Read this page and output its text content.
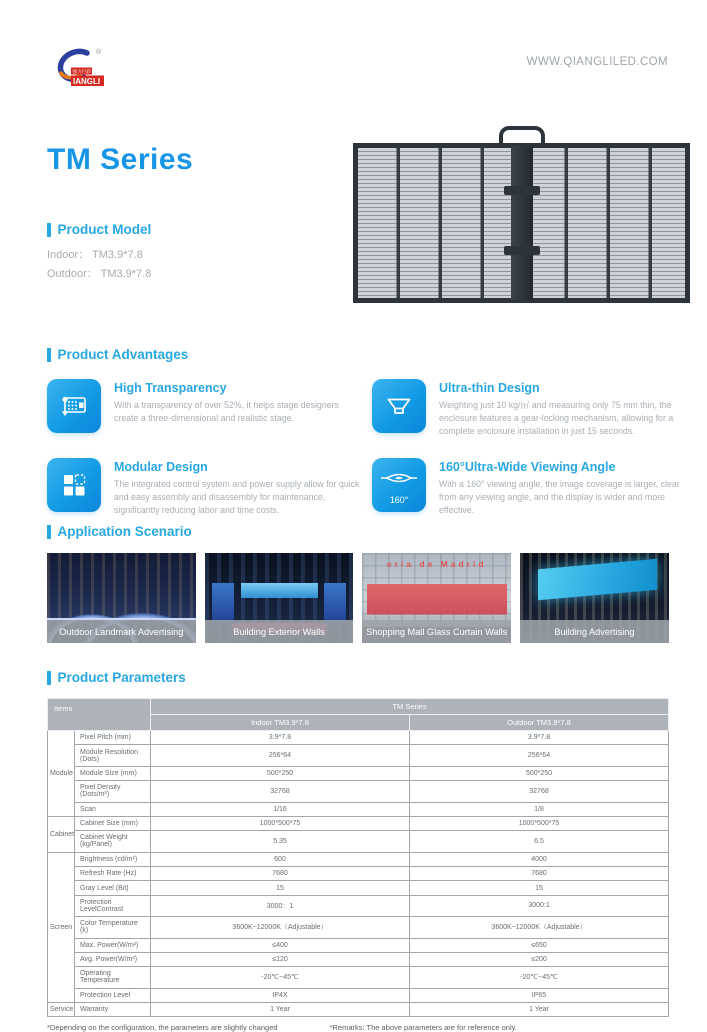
强力巨彩
IANGLI
®
WWW.QIANGLILED.COM
TM Series
Product Model
Indoor： TM3.9*7.8
Outdoor： TM3.9*7.8
Product Advantages
High Transparency
With a transparency of over 52%, it helps stage designers create a three-dimensional and realistic stage.
Ultra-thin Design
Weighting just 10 kg/㎡ and measuring only 75 mm thin, the enclosure features a gear-locking mechanism, allowing for a complete enclosure installation in just 15 seconds.
Modular Design
The integrated control system and power supply allow for quick and easy assembly and disassembly for maintenance, significantly reducing labor and time costs.
160°
160°Ultra-Wide Viewing Angle
With a 160° viewing angle, the image coverage is larger, clear from any viewing angle, and the display is wider and more effective.
Application Scenario
Outdoor Landmark Advertising	Building Exterior Walls
eria de Madrid
Shopping Mall Glass Curtain Walls	Building Advertising
Product Parameters
Items		TM Series	
		Indoor TM3.9*7.8	Outdoor TM3.9*7.8
Module	Pixel Pitch (mm)	3.9*7.8	3.9*7.8
	Module Resolution (Dots)	256*64	256*64
	Module Size (mm)	500*250	500*250
	Pixel Density (Dots/m²)	32768	32768
	Scan	1/16	1/8
Cabinet	Cabinet Size (mm)	1000*500*75	1000*500*75
	Cabinet Weight (kg/Panel)	5.35	6.5
Screen	Brightness (cd/m²)	600	4000
	Refresh Rate (Hz)	7680	7680
	Gray Level (Bit)	15	15
	Protection LevelContrast	3000：1	3000:1
	Color Temperature (k)	3600K~12000K（Adjustable）	3600K~12000K（Adjustable）
	Max. Power(W/m²)	≤400	≤650
	Avg. Power(W/m²)	≤120	≤200
	Operating Temperature	-20℃~45℃	-20℃~45℃
	Protection Level	IP4X	IP65
Service	Warranty	1 Year	1 Year
*Depending on the configuration, the parameters are slightly changed	*Remarks: The above parameters are for reference only.
